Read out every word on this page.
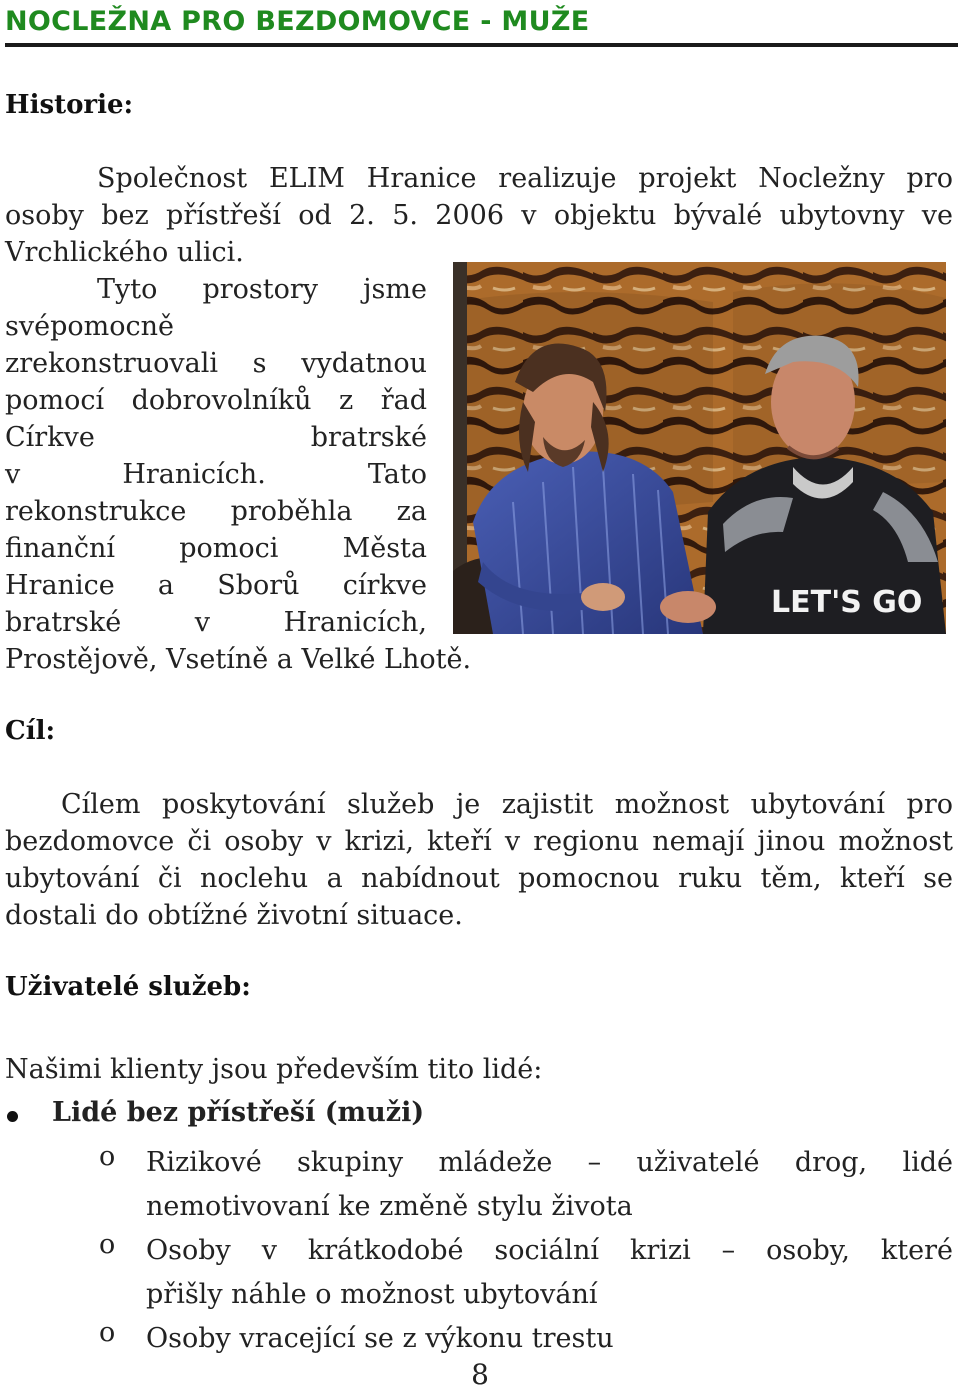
NOCLEŽNA PRO BEZDOMOVCE - MUŽE
Historie:

Společnost ELIM Hranice realizuje projekt Nocležny pro osoby bez přístřeší od 2. 5. 2006 v objektu bývalé ubytovny ve Vrchlického ulici.

Tyto prostory jsme

svépomocně

zrekonstruovali s vydatnou

pomocí dobrovolníků z řad

Církve bratrské

v Hranicích. Tato

rekonstrukce proběhla za

finanční pomoci Města

Hranice a Sborů církve

bratrské v Hranicích,

Prostějově, Vsetíně a Velké Lhotě.

LET'S GO
Cíl:

Cílem poskytování služeb je zajistit možnost ubytování pro bezdomovce či osoby v krizi, kteří v regionu nemají jinou možnost ubytování či noclehu a nabídnout pomocnou ruku těm, kteří se dostali do obtížné životní situace.

Uživatelé služeb:

Našimi klienty jsou především tito lidé:

Lidé bez přístřeší (muži)
o Rizikové skupiny mládeže – uživatelé drog, lidé
nemotivovaní ke změně stylu života
o Osoby v krátkodobé sociální krizi – osoby, které
přišly náhle o možnost ubytování
o Osoby vracející se z výkonu trestu
8
